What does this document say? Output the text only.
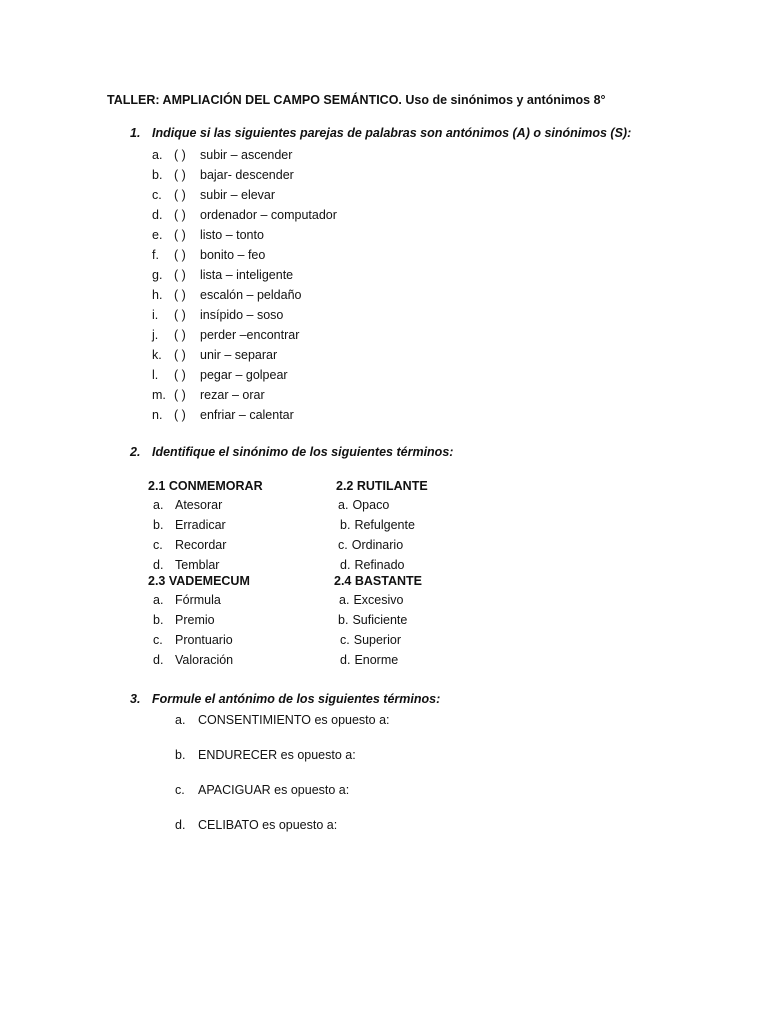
TALLER: AMPLIACIÓN DEL CAMPO SEMÁNTICO. Uso de sinónimos y antónimos 8°
1. Indique si las siguientes parejas de palabras son antónimos (A) o sinónimos (S):
a. ( ) subir – ascender
b. ( ) bajar- descender
c. ( ) subir – elevar
d. ( ) ordenador – computador
e. ( ) listo – tonto
f. ( ) bonito – feo
g. ( ) lista – inteligente
h. ( ) escalón – peldaño
i. ( ) insípido – soso
j. ( ) perder –encontrar
k. ( ) unir – separar
l. ( ) pegar – golpear
m. ( ) rezar – orar
n. ( ) enfriar – calentar
2. Identifique el sinónimo de los siguientes términos:
2.1 CONMEMORAR
a. Atesorar
b. Erradicar
c. Recordar
d. Temblar
2.2 RUTILANTE
a. Opaco
b. Refulgente
c. Ordinario
d. Refinado
2.3 VADEMECUM
a. Fórmula
b. Premio
c. Prontuario
d. Valoración
2.4 BASTANTE
a. Excesivo
b. Suficiente
c. Superior
d. Enorme
3. Formule el antónimo de los siguientes términos:
a. CONSENTIMIENTO es opuesto a:
b. ENDURECER es opuesto a:
c. APACIGUAR es opuesto a:
d. CELIBATO es opuesto a:
